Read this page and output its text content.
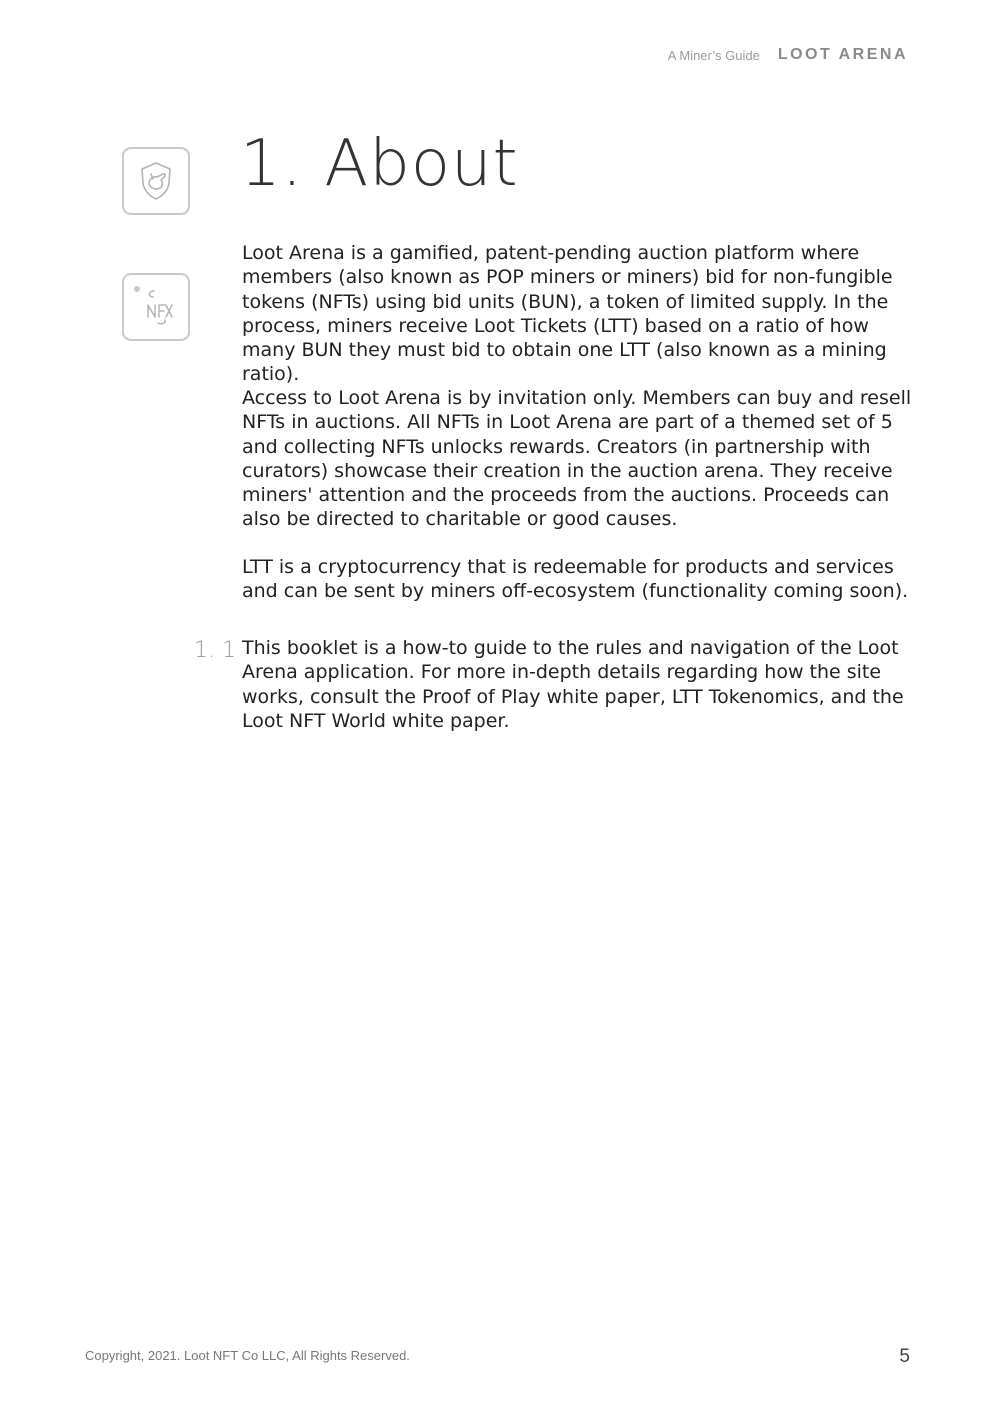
A Miner’s Guide LOOT ARENA
1. About

Loot Arena is a gamified, patent-pending auction platform where members (also known as POP miners or miners) bid for non-fungible tokens (NFTs) using bid units (BUN), a token of limited supply. In the process, miners receive Loot Tickets (LTT) based on a ratio of how many BUN they must bid to obtain one LTT (also known as a mining ratio).

Access to Loot Arena is by invitation only. Members can buy and resell NFTs in auctions. All NFTs in Loot Arena are part of a themed set of 5 and collecting NFTs unlocks rewards. Creators (in partnership with curators) showcase their creation in the auction arena. They receive miners' attention and the proceeds from the auctions. Proceeds can also be directed to charitable or good causes.

LTT is a cryptocurrency that is redeemable for products and services and can be sent by miners off-ecosystem (functionality coming soon).

1. 1 This booklet is a how-to guide to the rules and navigation of the Loot Arena application. For more in-depth details regarding how the site works, consult the Proof of Play white paper, LTT Tokenomics, and the Loot NFT World white paper.

Copyright, 2021. Loot NFT Co LLC, All Rights Reserved.	5
